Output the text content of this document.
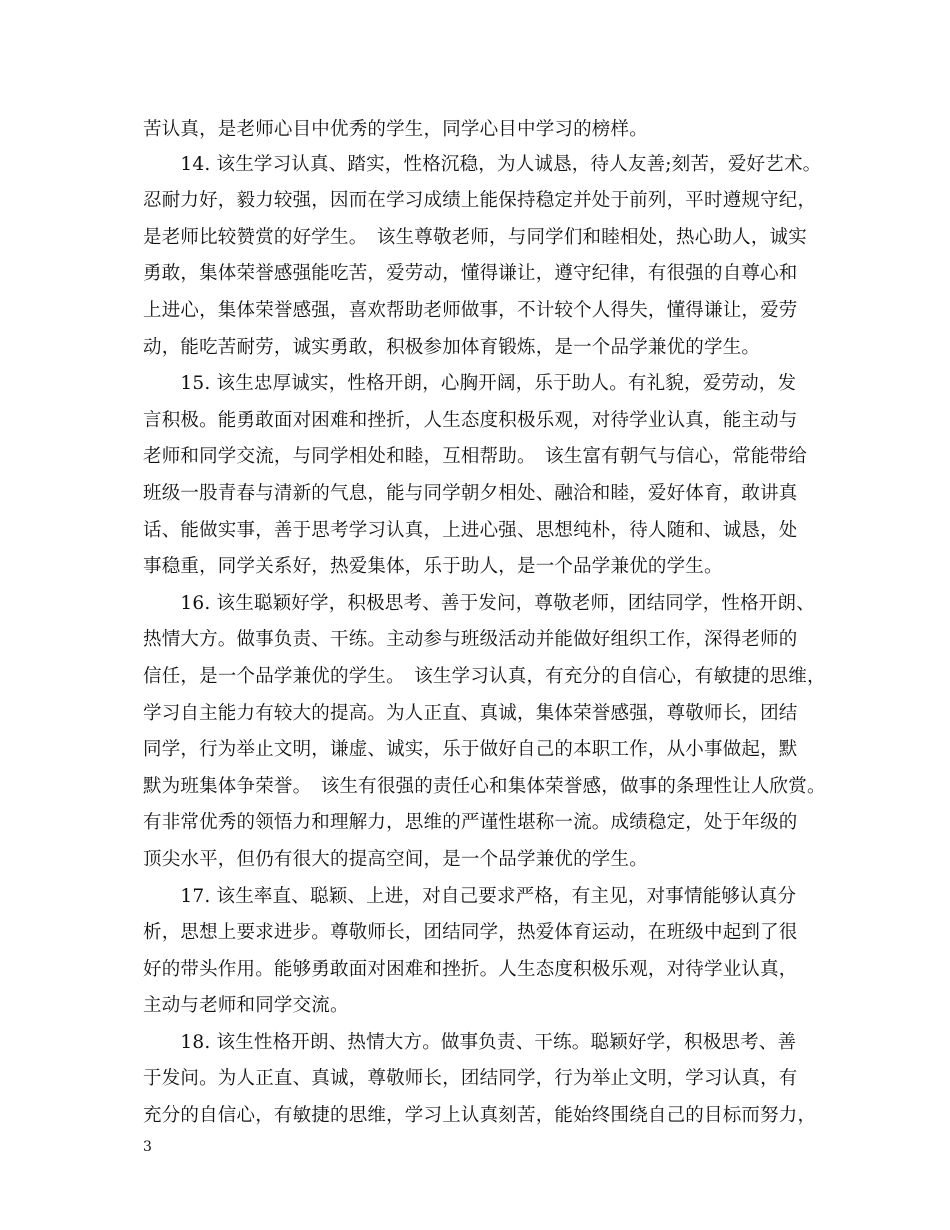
苦认真，是老师心目中优秀的学生，同学心目中学习的榜样。
　　14. 该生学习认真、踏实，性格沉稳，为人诚恳，待人友善;刻苦，爱好艺术。
忍耐力好，毅力较强，因而在学习成绩上能保持稳定并处于前列，平时遵规守纪，
是老师比较赞赏的好学生。　该生尊敬老师，与同学们和睦相处，热心助人，诚实
勇敢，集体荣誉感强能吃苦，爱劳动，懂得谦让，遵守纪律，有很强的自尊心和
上进心，集体荣誉感强，喜欢帮助老师做事，不计较个人得失，懂得谦让，爱劳
动，能吃苦耐劳，诚实勇敢，积极参加体育锻炼，是一个品学兼优的学生。
　　15. 该生忠厚诚实，性格开朗，心胸开阔，乐于助人。有礼貌，爱劳动，发
言积极。能勇敢面对困难和挫折，人生态度积极乐观，对待学业认真，能主动与
老师和同学交流，与同学相处和睦，互相帮助。　该生富有朝气与信心，常能带给
班级一股青春与清新的气息，能与同学朝夕相处、融洽和睦，爱好体育，敢讲真
话、能做实事，善于思考学习认真，上进心强、思想纯朴，待人随和、诚恳，处
事稳重，同学关系好，热爱集体，乐于助人，是一个品学兼优的学生。
　　16. 该生聪颖好学，积极思考、善于发问，尊敬老师，团结同学，性格开朗、
热情大方。做事负责、干练。主动参与班级活动并能做好组织工作，深得老师的
信任，是一个品学兼优的学生。　该生学习认真，有充分的自信心，有敏捷的思维，
学习自主能力有较大的提高。为人正直、真诚，集体荣誉感强，尊敬师长，团结
同学，行为举止文明，谦虚、诚实，乐于做好自己的本职工作，从小事做起，默
默为班集体争荣誉。　该生有很强的责任心和集体荣誉感，做事的条理性让人欣赏。
有非常优秀的领悟力和理解力，思维的严谨性堪称一流。成绩稳定，处于年级的
顶尖水平，但仍有很大的提高空间，是一个品学兼优的学生。
　　17. 该生率直、聪颖、上进，对自己要求严格，有主见，对事情能够认真分
析，思想上要求进步。尊敬师长，团结同学，热爱体育运动，在班级中起到了很
好的带头作用。能够勇敢面对困难和挫折。人生态度积极乐观，对待学业认真，
主动与老师和同学交流。
　　18. 该生性格开朗、热情大方。做事负责、干练。聪颖好学，积极思考、善
于发问。为人正直、真诚，尊敬师长，团结同学，行为举止文明，学习认真，有
充分的自信心，有敏捷的思维，学习上认真刻苦，能始终围绕自己的目标而努力，
3
